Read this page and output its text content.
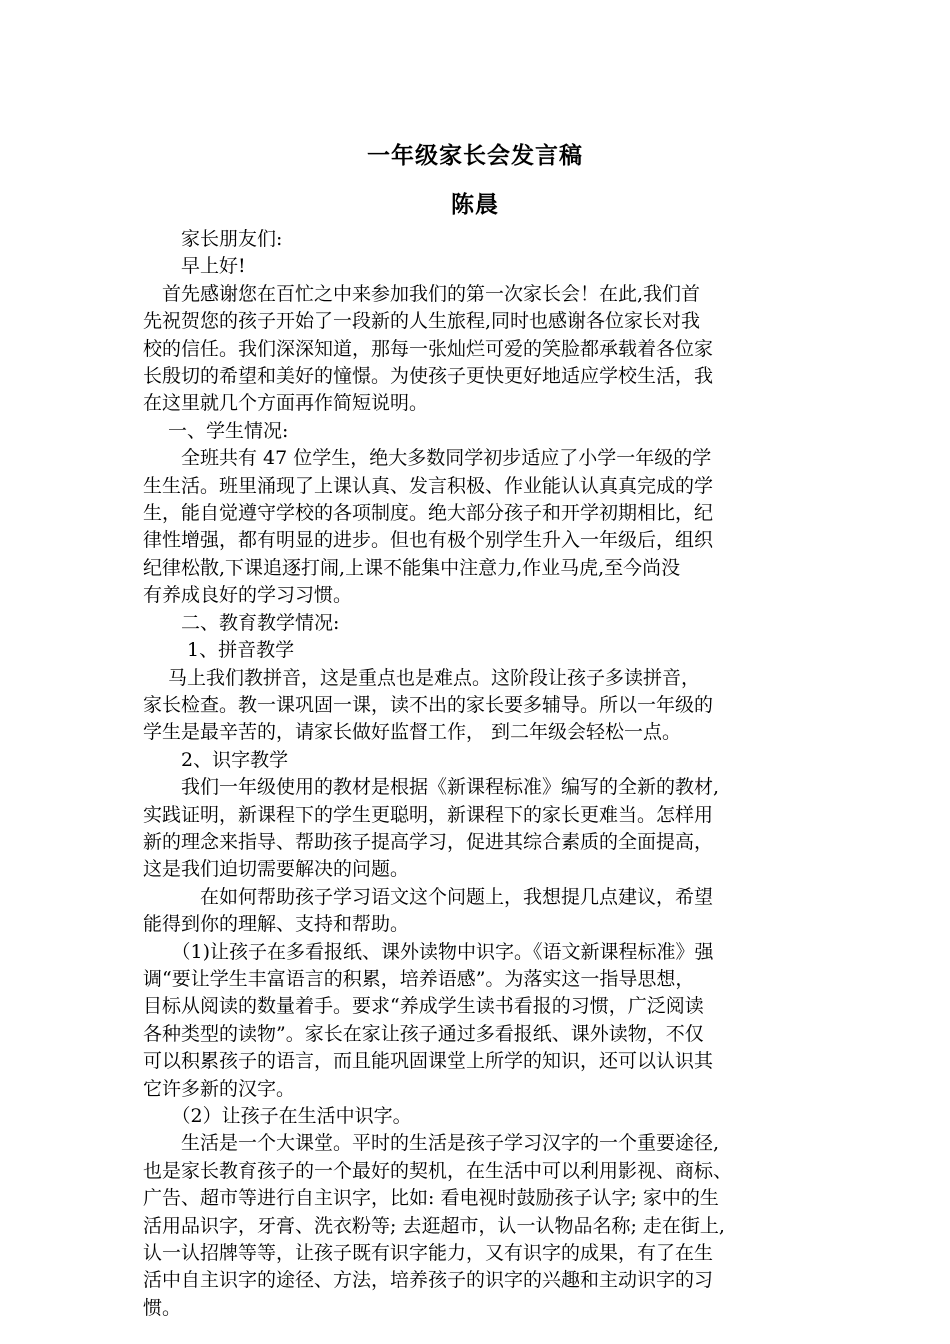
一年级家长会发言稿
陈晨

　　家长朋友们:

　　早上好!

　首先感谢您在百忙之中来参加我们的第一次家长会！在此,我们首

先祝贺您的孩子开始了一段新的人生旅程,同时也感谢各位家长对我

校的信任。我们深深知道，那每一张灿烂可爱的笑脸都承载着各位家

长殷切的希望和美好的憧憬。为使孩子更快更好地适应学校生活，我

在这里就几个方面再作简短说明。

　 一、学生情况:

　　全班共有 47 位学生，绝大多数同学初步适应了小学一年级的学

生生活。班里涌现了上课认真、发言积极、作业能认认真真完成的学

生，能自觉遵守学校的各项制度。绝大部分孩子和开学初期相比，纪

律性增强，都有明显的进步。但也有极个别学生升入一年级后，组织

纪律松散,下课追逐打闹,上课不能集中注意力,作业马虎,至今尚没

有养成良好的学习习惯。

　　二、教育教学情况:

　　 1、拼音教学

　 马上我们教拼音，这是重点也是难点。这阶段让孩子多读拼音，

家长检查。教一课巩固一课，读不出的家长要多辅导。所以一年级的

学生是最辛苦的，请家长做好监督工作， 到二年级会轻松一点。

　　2、识字教学

　　我们一年级使用的教材是根据《新课程标准》编写的全新的教材,

实践证明，新课程下的学生更聪明，新课程下的家长更难当。怎样用

新的理念来指导、帮助孩子提高学习，促进其综合素质的全面提高，

这是我们迫切需要解决的问题。

　　　在如何帮助孩子学习语文这个问题上，我想提几点建议，希望

能得到你的理解、支持和帮助。

　　（1)让孩子在多看报纸、课外读物中识字。《语文新课程标准》强

调“要让学生丰富语言的积累，培养语感”。为落实这一指导思想，

目标从阅读的数量着手。要求“养成学生读书看报的习惯，广泛阅读

各种类型的读物”。家长在家让孩子通过多看报纸、课外读物，不仅

可以积累孩子的语言，而且能巩固课堂上所学的知识，还可以认识其

它许多新的汉字。

　　（2）让孩子在生活中识字。

　　生活是一个大课堂。平时的生活是孩子学习汉字的一个重要途径,

也是家长教育孩子的一个最好的契机，在生活中可以利用影视、商标、

广告、超市等进行自主识字，比如: 看电视时鼓励孩子认字; 家中的生

活用品识字，牙膏、洗衣粉等; 去逛超市，认一认物品名称; 走在街上,

认一认招牌等等，让孩子既有识字能力，又有识字的成果，有了在生

活中自主识字的途径、方法，培养孩子的识字的兴趣和主动识字的习

惯。
